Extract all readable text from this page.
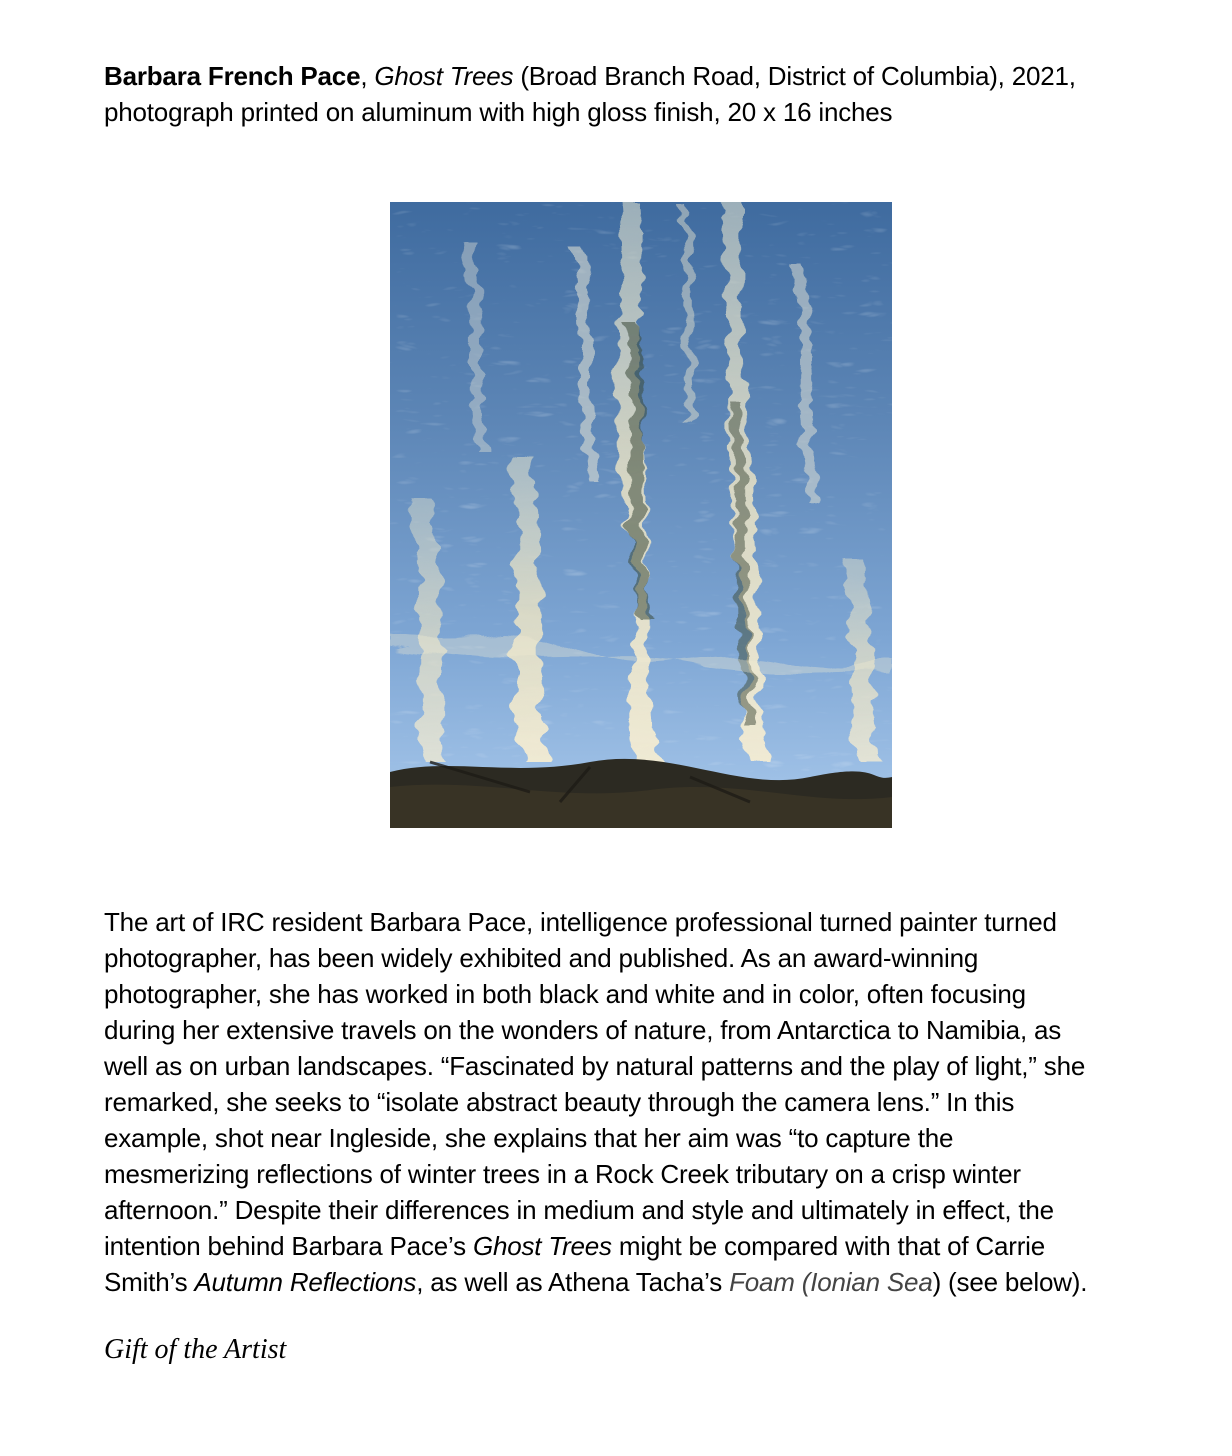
Barbara French Pace, Ghost Trees (Broad Branch Road, District of Columbia), 2021,
photograph printed on aluminum with high gloss finish, 20 x 16 inches
The art of IRC resident Barbara Pace, intelligence professional turned painter turned
photographer, has been widely exhibited and published. As an award-winning
photographer, she has worked in both black and white and in color, often focusing
during her extensive travels on the wonders of nature, from Antarctica to Namibia, as
well as on urban landscapes. “Fascinated by natural patterns and the play of light,” she
remarked, she seeks to “isolate abstract beauty through the camera lens.” In this
example, shot near Ingleside, she explains that her aim was “to capture the
mesmerizing reflections of winter trees in a Rock Creek tributary on a crisp winter
afternoon.” Despite their differences in medium and style and ultimately in effect, the
intention behind Barbara Pace’s Ghost Trees might be compared with that of Carrie
Smith’s Autumn Reflections, as well as Athena Tacha’s Foam (Ionian Sea) (see below).
Gift of the Artist
